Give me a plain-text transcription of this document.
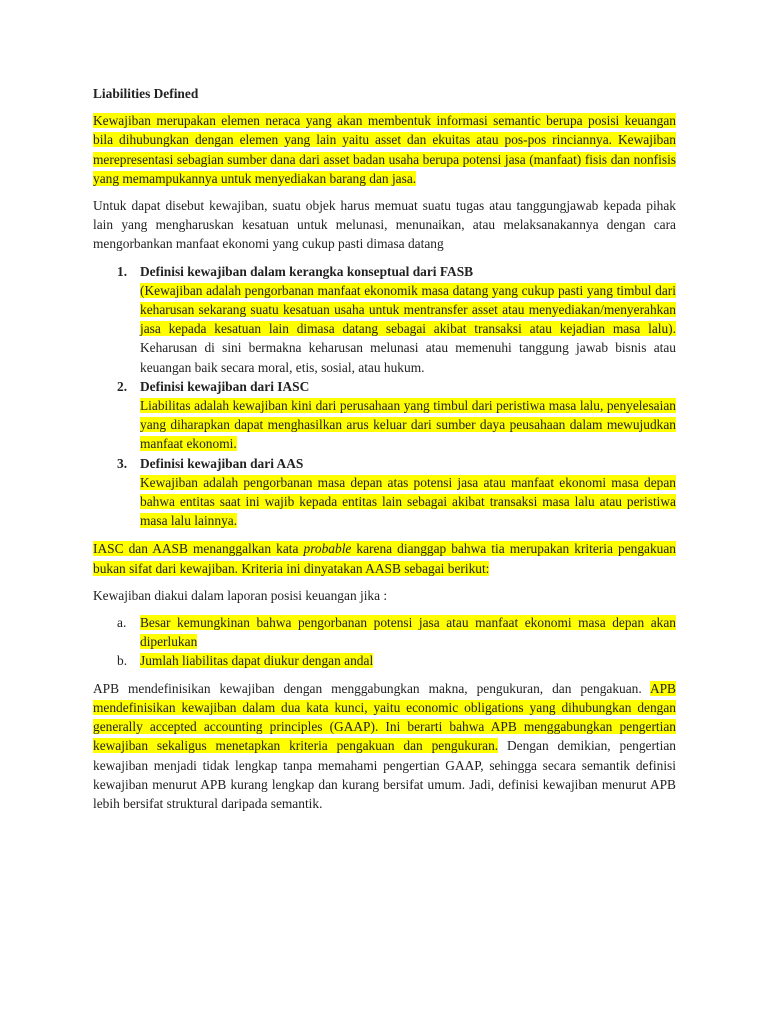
Liabilities Defined

Kewajiban merupakan elemen neraca yang akan membentuk informasi semantic berupa posisi keuangan bila dihubungkan dengan elemen yang lain yaitu asset dan ekuitas atau pos-pos rinciannya. Kewajiban merepresentasi sebagian sumber dana dari asset badan usaha berupa potensi jasa (manfaat) fisis dan nonfisis yang memampukannya untuk menyediakan barang dan jasa.

Untuk dapat disebut kewajiban, suatu objek harus memuat suatu tugas atau tanggungjawab kepada pihak lain yang mengharuskan kesatuan untuk melunasi, menunaikan, atau melaksanakannya dengan cara mengorbankan manfaat ekonomi yang cukup pasti dimasa datang

1. Definisi kewajiban dalam kerangka konseptual dari FASB
(Kewajiban adalah pengorbanan manfaat ekonomik masa datang yang cukup pasti yang timbul dari keharusan sekarang suatu kesatuan usaha untuk mentransfer asset atau menyediakan/menyerahkan jasa kepada kesatuan lain dimasa datang sebagai akibat transaksi atau kejadian masa lalu). Keharusan di sini bermakna keharusan melunasi atau memenuhi tanggung jawab bisnis atau keuangan baik secara moral, etis, sosial, atau hukum.
2. Definisi kewajiban dari IASC
Liabilitas adalah kewajiban kini dari perusahaan yang timbul dari peristiwa masa lalu, penyelesaian yang diharapkan dapat menghasilkan arus keluar dari sumber daya peusahaan dalam mewujudkan manfaat ekonomi.
3. Definisi kewajiban dari AAS
Kewajiban adalah pengorbanan masa depan atas potensi jasa atau manfaat ekonomi masa depan bahwa entitas saat ini wajib kepada entitas lain sebagai akibat transaksi masa lalu atau peristiwa masa lalu lainnya.

IASC dan AASB menanggalkan kata probable karena dianggap bahwa tia merupakan kriteria pengakuan bukan sifat dari kewajiban. Kriteria ini dinyatakan AASB sebagai berikut:

Kewajiban diakui dalam laporan posisi keuangan jika :

a. Besar kemungkinan bahwa pengorbanan potensi jasa atau manfaat ekonomi masa depan akan diperlukan
b. Jumlah liabilitas dapat diukur dengan andal

APB mendefinisikan kewajiban dengan menggabungkan makna, pengukuran, dan pengakuan. APB mendefinisikan kewajiban dalam dua kata kunci, yaitu economic obligations yang dihubungkan dengan generally accepted accounting principles (GAAP). Ini berarti bahwa APB menggabungkan pengertian kewajiban sekaligus menetapkan kriteria pengakuan dan pengukuran. Dengan demikian, pengertian kewajiban menjadi tidak lengkap tanpa memahami pengertian GAAP, sehingga secara semantik definisi kewajiban menurut APB kurang lengkap dan kurang bersifat umum. Jadi, definisi kewajiban menurut APB lebih bersifat struktural daripada semantik.
